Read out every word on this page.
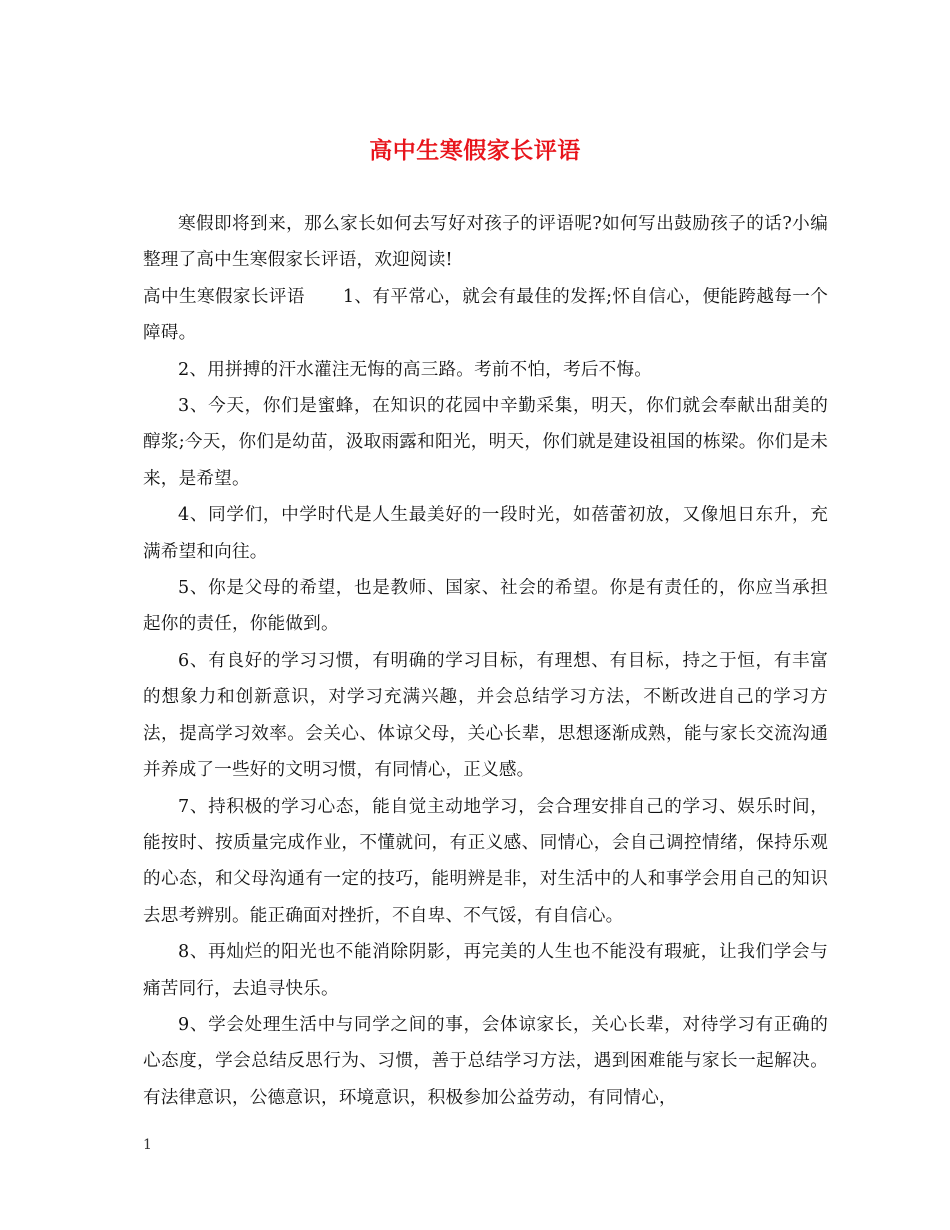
高中生寒假家长评语

寒假即将到来，那么家长如何去写好对孩子的评语呢?如何写出鼓励孩子的话?小编整理了高中生寒假家长评语，欢迎阅读!

高中生寒假家长评语 1、有平常心，就会有最佳的发挥;怀自信心，便能跨越每一个障碍。

2、用拼搏的汗水灌注无悔的高三路。考前不怕，考后不悔。

3、今天，你们是蜜蜂，在知识的花园中辛勤采集，明天，你们就会奉献出甜美的醇浆;今天，你们是幼苗，汲取雨露和阳光，明天，你们就是建设祖国的栋梁。你们是未来，是希望。

4、同学们，中学时代是人生最美好的一段时光，如蓓蕾初放，又像旭日东升，充满希望和向往。

5、你是父母的希望，也是教师、国家、社会的希望。你是有责任的，你应当承担起你的责任，你能做到。

6、有良好的学习习惯，有明确的学习目标，有理想、有目标，持之于恒，有丰富的想象力和创新意识，对学习充满兴趣，并会总结学习方法，不断改进自己的学习方法，提高学习效率。会关心、体谅父母，关心长辈，思想逐渐成熟，能与家长交流沟通并养成了一些好的文明习惯，有同情心，正义感。

7、持积极的学习心态，能自觉主动地学习，会合理安排自己的学习、娱乐时间，能按时、按质量完成作业，不懂就问，有正义感、同情心，会自己调控情绪，保持乐观的心态，和父母沟通有一定的技巧，能明辨是非，对生活中的人和事学会用自己的知识去思考辨别。能正确面对挫折，不自卑、不气馁，有自信心。

8、再灿烂的阳光也不能消除阴影，再完美的人生也不能没有瑕疵，让我们学会与痛苦同行，去追寻快乐。

9、学会处理生活中与同学之间的事，会体谅家长，关心长辈，对待学习有正确的心态度，学会总结反思行为、习惯，善于总结学习方法，遇到困难能与家长一起解决。有法律意识，公德意识，环境意识，积极参加公益劳动，有同情心，

1
